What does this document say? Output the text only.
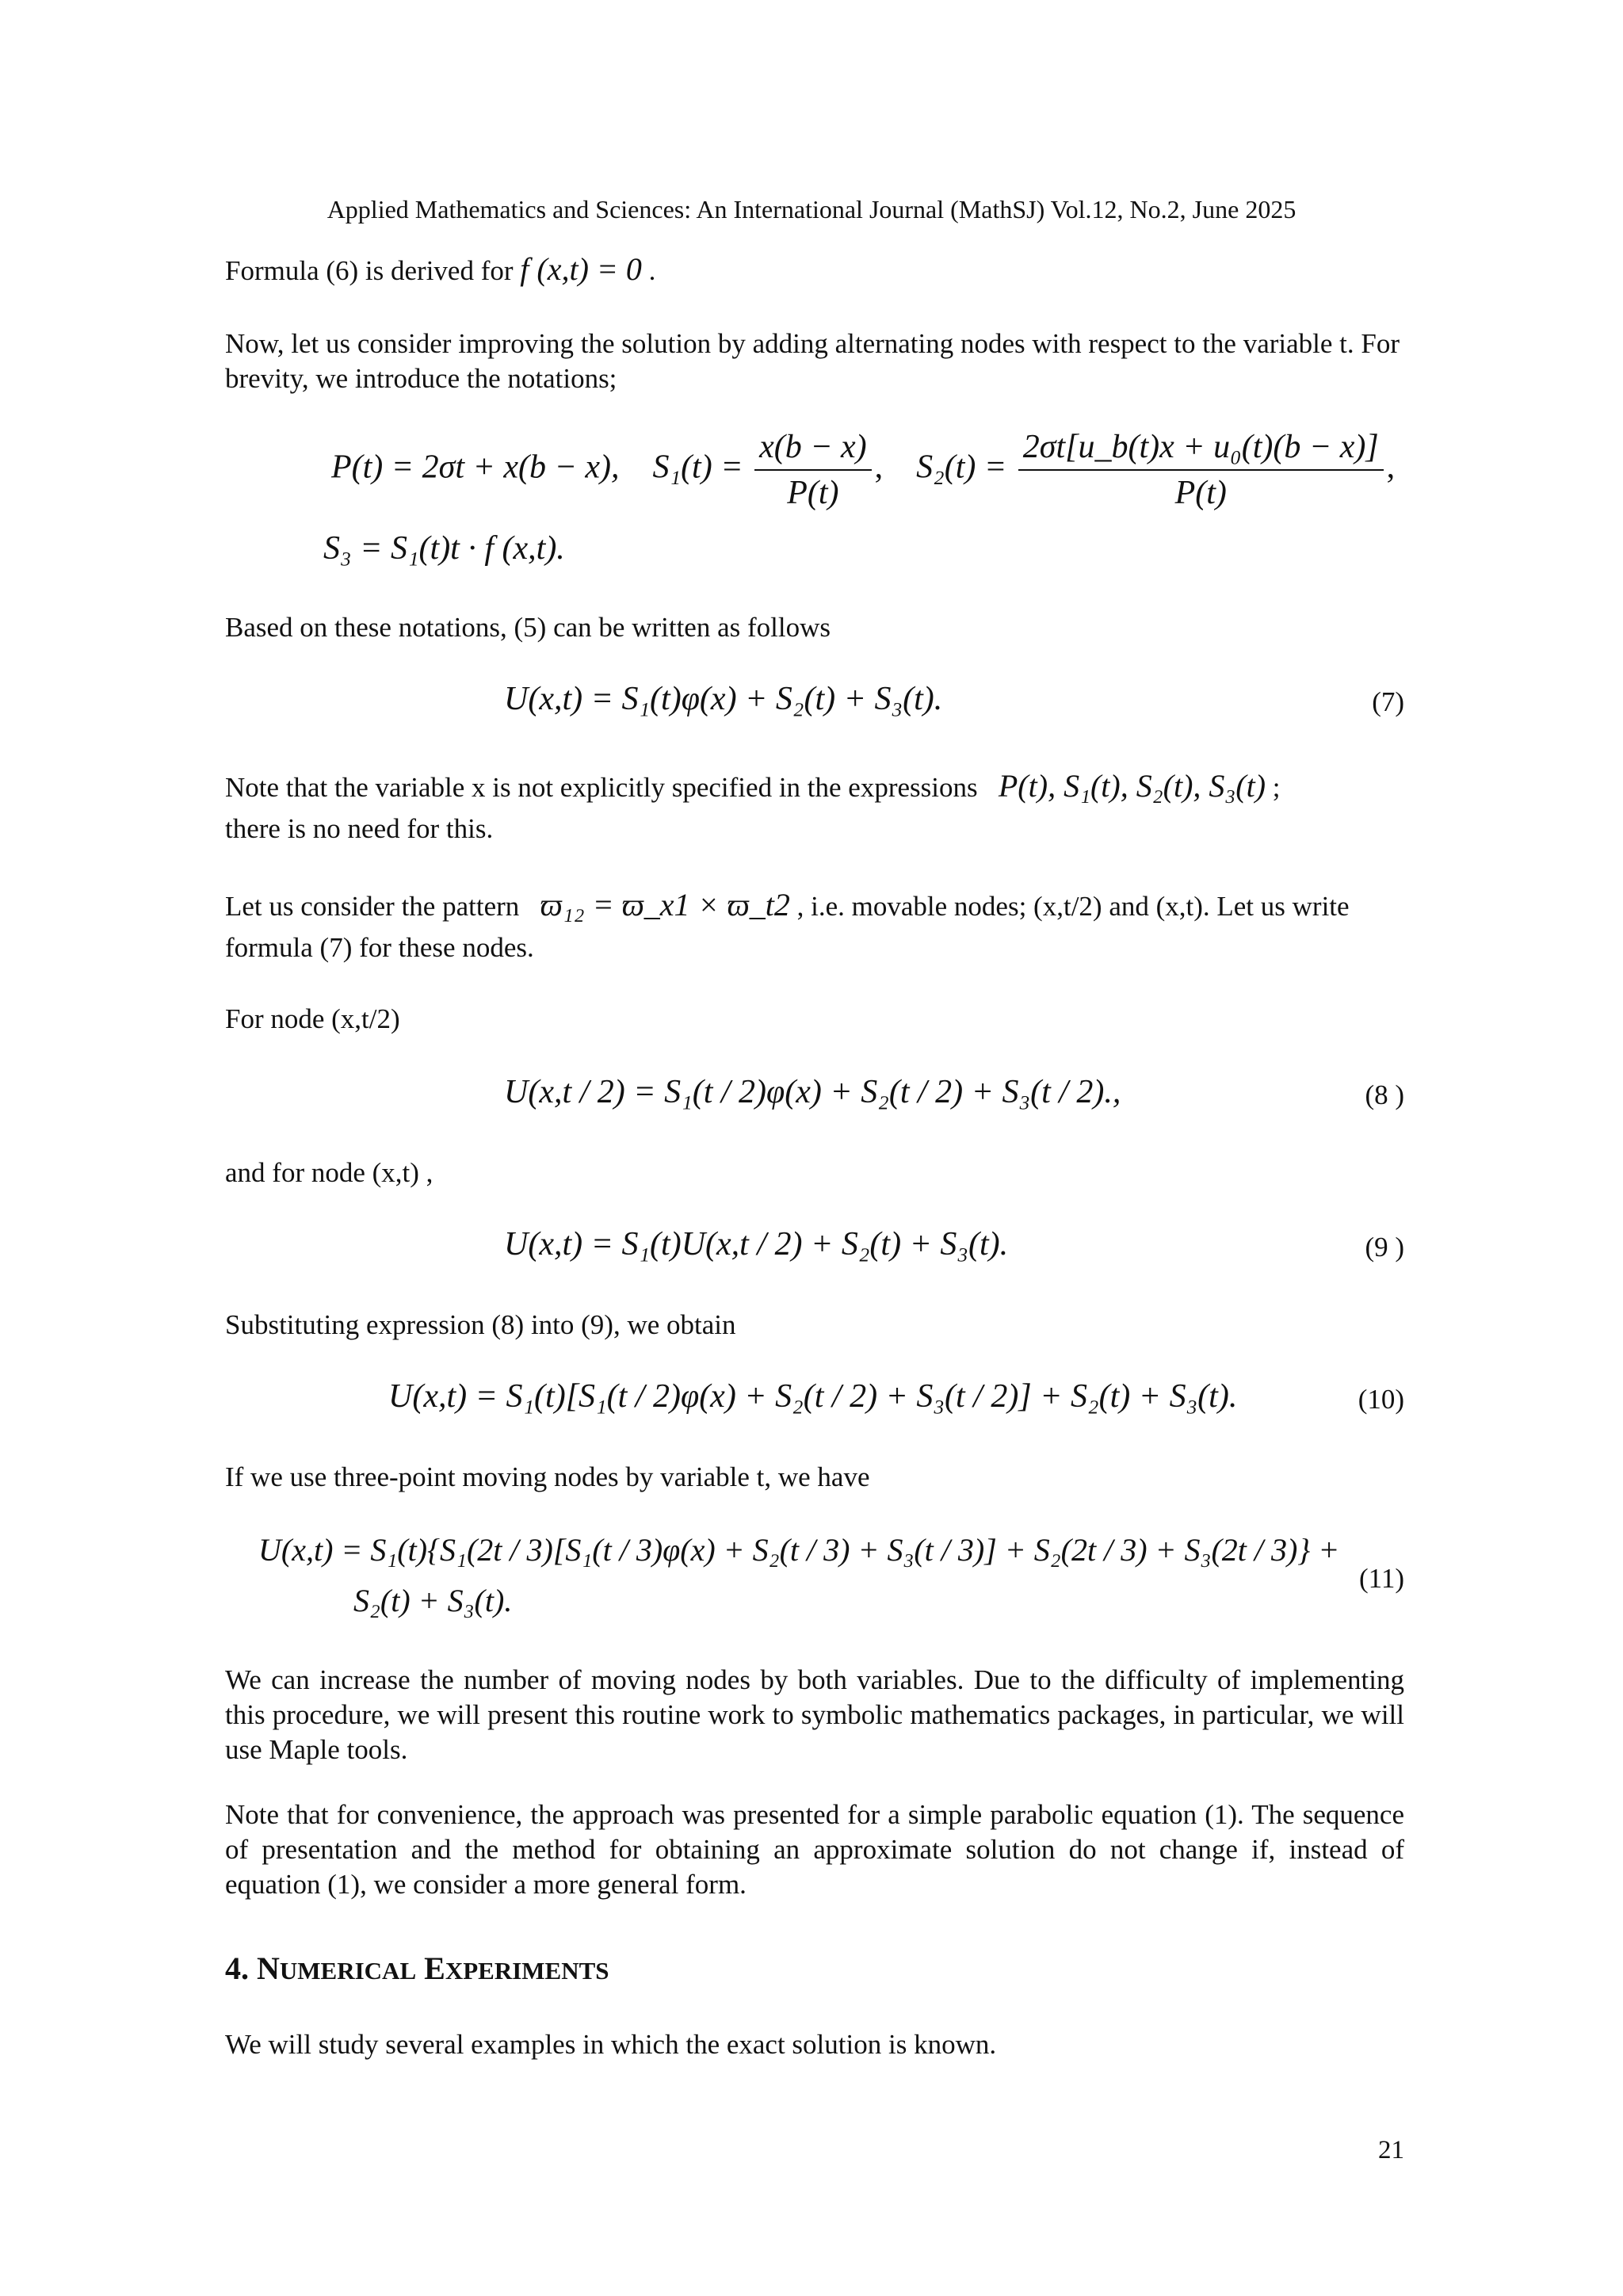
Applied Mathematics and Sciences: An International Journal (MathSJ) Vol.12, No.2, June 2025
Formula (6) is derived for f (x,t) = 0 .

Now, let us consider improving the solution by adding alternating nodes with respect to the variable t. For brevity, we introduce the notations;

P(t) = 2σt + x(b − x), $S_1(t) = \frac{x(b - x)}{P(t)}$ , $S_2(t) = \frac{\text{2σt[u\_b(t)x + u₀(t)(b − x)]}}{P(t)}$ ,
S₃ = S₁(t)t · f (x,t).

Based on these notations, (5) can be written as follows

U(x,t) = S₁(t)φ(x) + S₂(t) + S₃(t).	(7)
Note that the variable x is not explicitly specified in the expressions P(t), S₁(t), S₂(t), S₃(t) ;

there is no need for this.

Let us consider the pattern ϖ₁₂ = ϖ_x1 × ϖ_t2 , i.e. movable nodes; (x,t/2) and (x,t). Let us write

formula (7) for these nodes.

For node (x,t/2)

U(x,t / 2) = S₁(t / 2)φ(x) + S₂(t / 2) + S₃(t / 2).,	(8 )

and for node (x,t) ,

U(x,t) = S₁(t)U(x,t / 2) + S₂(t) + S₃(t).	(9 )

Substituting expression (8) into (9), we obtain

U(x,t) = S₁(t)[S₁(t / 2)φ(x) + S₂(t / 2) + S₃(t / 2)] + S₂(t) + S₃(t).	(10)

If we use three-point moving nodes by variable t, we have

U(x,t) = S₁(t){S₁(2t / 3)[S₁(t / 3)φ(x) + S₂(t / 3) + S₃(t / 3)] + S₂(2t / 3) + S₃(2t / 3)} +
S₂(t) + S₃(t).
(11)

We can increase the number of moving nodes by both variables. Due to the difficulty of implementing this procedure, we will present this routine work to symbolic mathematics packages, in particular, we will use Maple tools.

Note that for convenience, the approach was presented for a simple parabolic equation (1). The sequence of presentation and the method for obtaining an approximate solution do not change if, instead of equation (1), we consider a more general form.

4. NUMERICAL EXPERIMENTS

We will study several examples in which the exact solution is known.

21
